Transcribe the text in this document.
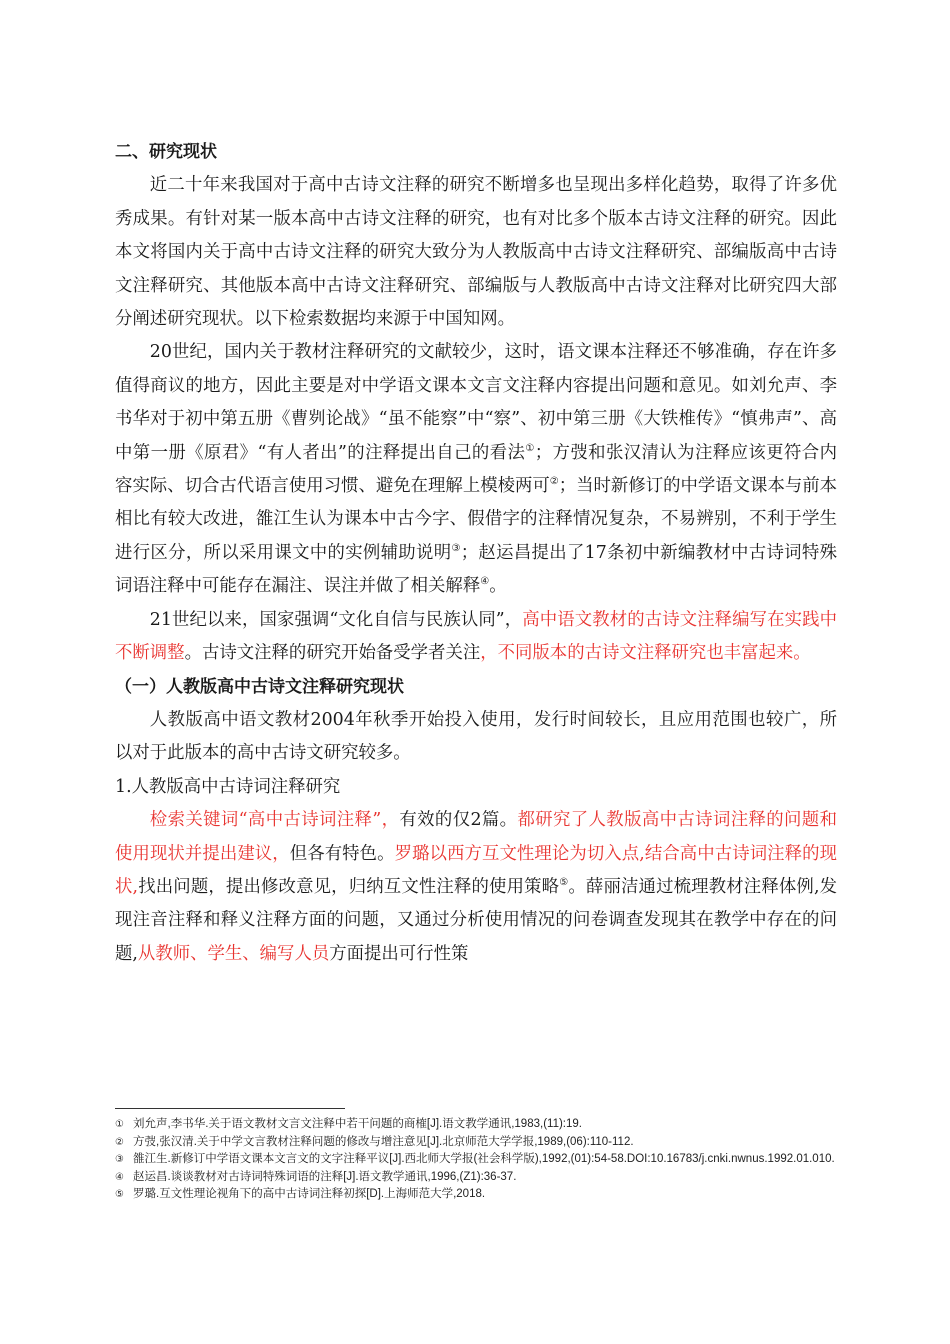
二、研究现状

近二十年来我国对于高中古诗文注释的研究不断增多也呈现出多样化趋势，取得了许多优秀成果。有针对某一版本高中古诗文注释的研究，也有对比多个版本古诗文注释的研究。因此本文将国内关于高中古诗文注释的研究大致分为人教版高中古诗文注释研究、部编版高中古诗文注释研究、其他版本高中古诗文注释研究、部编版与人教版高中古诗文注释对比研究四大部分阐述研究现状。以下检索数据均来源于中国知网。

20世纪，国内关于教材注释研究的文献较少，这时，语文课本注释还不够准确，存在许多值得商议的地方，因此主要是对中学语文课本文言文注释内容提出问题和意见。如刘允声、李书华对于初中第五册《曹刿论战》“虽不能察”中“察”、初中第三册《大铁椎传》“慎弗声”、高中第一册《原君》“有人者出”的注释提出自己的看法①；方弢和张汉清认为注释应该更符合内容实际、切合古代语言使用习惯、避免在理解上模棱两可②；当时新修订的中学语文课本与前本相比有较大改进，雒江生认为课本中古今字、假借字的注释情况复杂，不易辨别，不利于学生进行区分，所以采用课文中的实例辅助说明③；赵运昌提出了17条初中新编教材中古诗词特殊词语注释中可能存在漏注、误注并做了相关解释④。

21世纪以来，国家强调“文化自信与民族认同”，高中语文教材的古诗文注释编写在实践中不断调整。古诗文注释的研究开始备受学者关注，不同版本的古诗文注释研究也丰富起来。

（一）人教版高中古诗文注释研究现状

人教版高中语文教材2004年秋季开始投入使用，发行时间较长，且应用范围也较广，所以对于此版本的高中古诗文研究较多。

1.人教版高中古诗词注释研究

检索关键词“高中古诗词注释”，有效的仅2篇。都研究了人教版高中古诗词注释的问题和使用现状并提出建议，但各有特色。罗璐以西方互文性理论为切入点,结合高中古诗词注释的现状,找出问题，提出修改意见，归纳互文性注释的使用策略⑤。薛丽洁通过梳理教材注释体例,发现注音注释和释义注释方面的问题，又通过分析使用情况的问卷调查发现其在教学中存在的问题,从教师、学生、编写人员方面提出可行性策

① 刘允声,李书华.关于语文教材文言文注释中若干问题的商榷[J].语文教学通讯,1983,(11):19.

② 方弢,张汉清.关于中学文言教材注释问题的修改与增注意见[J].北京师范大学学报,1989,(06):110-112.

③ 雒江生.新修订中学语文课本文言文的文字注释平议[J].西北师大学报(社会科学版),1992,(01):54-58.DOI:10.16783/j.cnki.nwnus.1992.01.010.

④ 赵运昌.谈谈教材对古诗词特殊词语的注释[J].语文教学通讯,1996,(Z1):36-37.

⑤ 罗璐.互文性理论视角下的高中古诗词注释初探[D].上海师范大学,2018.
